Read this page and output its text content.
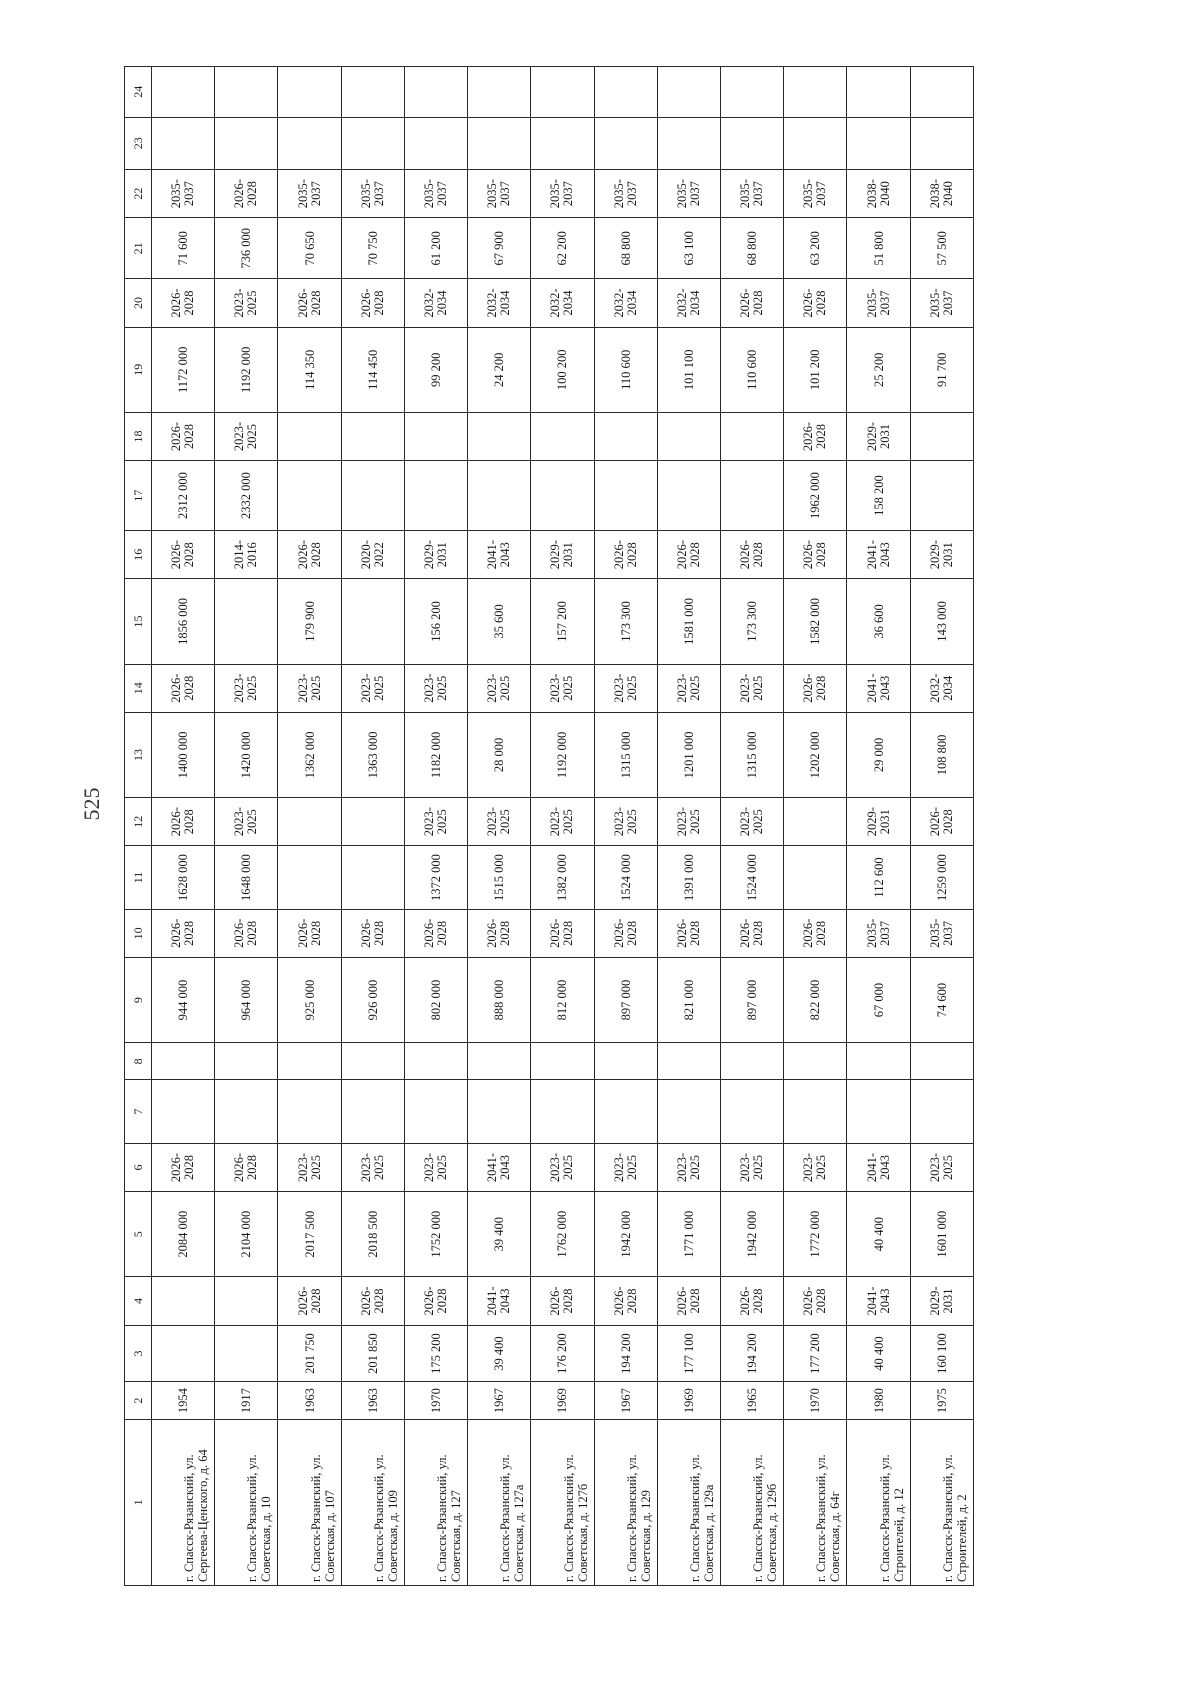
525
1	2	3	4	5	6	7	8	9	10	11	12	13	14	15	16	17	18	19	20	21	22	23	24
г. Спасск-Рязанский, ул. Сергеева-Ценского, д. 64	1954			2084 000	2026-2028			944 000	2026-2028	1628 000	2026-2028	1400 000	2026-2028	1856 000	2026-2028	2312 000	2026-2028	1172 000	2026-2028	71 600	2035-2037		
г. Спасск-Рязанский, ул. Советская, д. 10	1917			2104 000	2026-2028			964 000	2026-2028	1648 000	2023-2025	1420 000	2023-2025		2014-2016	2332 000	2023-2025	1192 000	2023-2025	736 000	2026-2028		
г. Спасск-Рязанский, ул. Советская, д. 107	1963	201 750	2026-2028	2017 500	2023-2025			925 000	2026-2028			1362 000	2023-2025	179 900	2026-2028			114 350	2026-2028	70 650	2035-2037		
г. Спасск-Рязанский, ул. Советская, д. 109	1963	201 850	2026-2028	2018 500	2023-2025			926 000	2026-2028			1363 000	2023-2025		2020-2022			114 450	2026-2028	70 750	2035-2037		
г. Спасск-Рязанский, ул. Советская, д. 127	1970	175 200	2026-2028	1752 000	2023-2025			802 000	2026-2028	1372 000	2023-2025	1182 000	2023-2025	156 200	2029-2031			99 200	2032-2034	61 200	2035-2037		
г. Спасск-Рязанский, ул. Советская, д. 127а	1967	39 400	2041-2043	39 400	2041-2043			888 000	2026-2028	1515 000	2023-2025	28 000	2023-2025	35 600	2041-2043			24 200	2032-2034	67 900	2035-2037		
г. Спасск-Рязанский, ул. Советская, д. 127б	1969	176 200	2026-2028	1762 000	2023-2025			812 000	2026-2028	1382 000	2023-2025	1192 000	2023-2025	157 200	2029-2031			100 200	2032-2034	62 200	2035-2037		
г. Спасск-Рязанский, ул. Советская, д. 129	1967	194 200	2026-2028	1942 000	2023-2025			897 000	2026-2028	1524 000	2023-2025	1315 000	2023-2025	173 300	2026-2028			110 600	2032-2034	68 800	2035-2037		
г. Спасск-Рязанский, ул. Советская, д. 129а	1969	177 100	2026-2028	1771 000	2023-2025			821 000	2026-2028	1391 000	2023-2025	1201 000	2023-2025	1581 000	2026-2028			101 100	2032-2034	63 100	2035-2037		
г. Спасск-Рязанский, ул. Советская, д. 129б	1965	194 200	2026-2028	1942 000	2023-2025			897 000	2026-2028	1524 000	2023-2025	1315 000	2023-2025	173 300	2026-2028			110 600	2026-2028	68 800	2035-2037		
г. Спасск-Рязанский, ул. Советская, д. 64г	1970	177 200	2026-2028	1772 000	2023-2025			822 000	2026-2028			1202 000	2026-2028	1582 000	2026-2028	1962 000	2026-2028	101 200	2026-2028	63 200	2035-2037		
г. Спасск-Рязанский, ул. Строителей, д. 12	1980	40 400	2041-2043	40 400	2041-2043			67 000	2035-2037	112 600	2029-2031	29 000	2041-2043	36 600	2041-2043	158 200	2029-2031	25 200	2035-2037	51 800	2038-2040		
г. Спасск-Рязанский, ул. Строителей, д. 2	1975	160 100	2029-2031	1601 000	2023-2025			74 600	2035-2037	1259 000	2026-2028	108 800	2032-2034	143 000	2029-2031			91 700	2035-2037	57 500	2038-2040		
